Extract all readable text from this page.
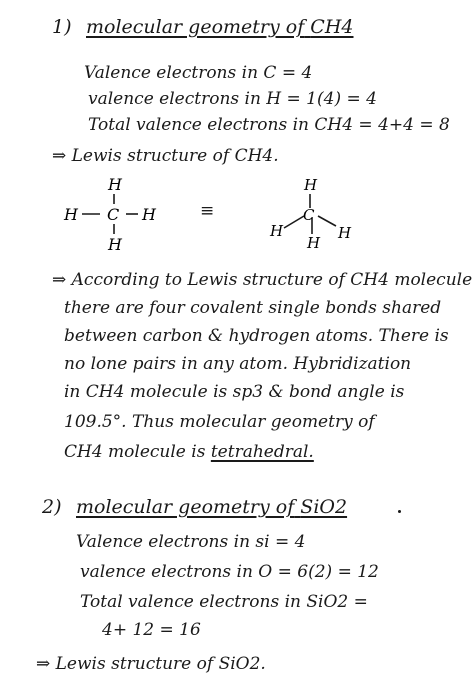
1) molecular geometry of CH4
Valence electrons in C = 4
valence electrons in H = 1(4) = 4
Total valence electrons in CH4 = 4+4 = 8
⇒ Lewis structure of CH4.
H
H C H
H
≡
H
C
H
H
H
⇒ According to Lewis structure of CH4 molecule
there are four covalent single bonds shared
between carbon & hydrogen atoms. There is
no lone pairs in any atom. Hybridization
in CH4 molecule is sp3 & bond angle is
109.5°. Thus molecular geometry of
CH4 molecule is tetrahedral.
2) molecular geometry of SiO2
Valence electrons in si = 4
valence electrons in O = 6(2) = 12
Total valence electrons in SiO2 =
4+ 12 = 16
⇒ Lewis structure of SiO2.
